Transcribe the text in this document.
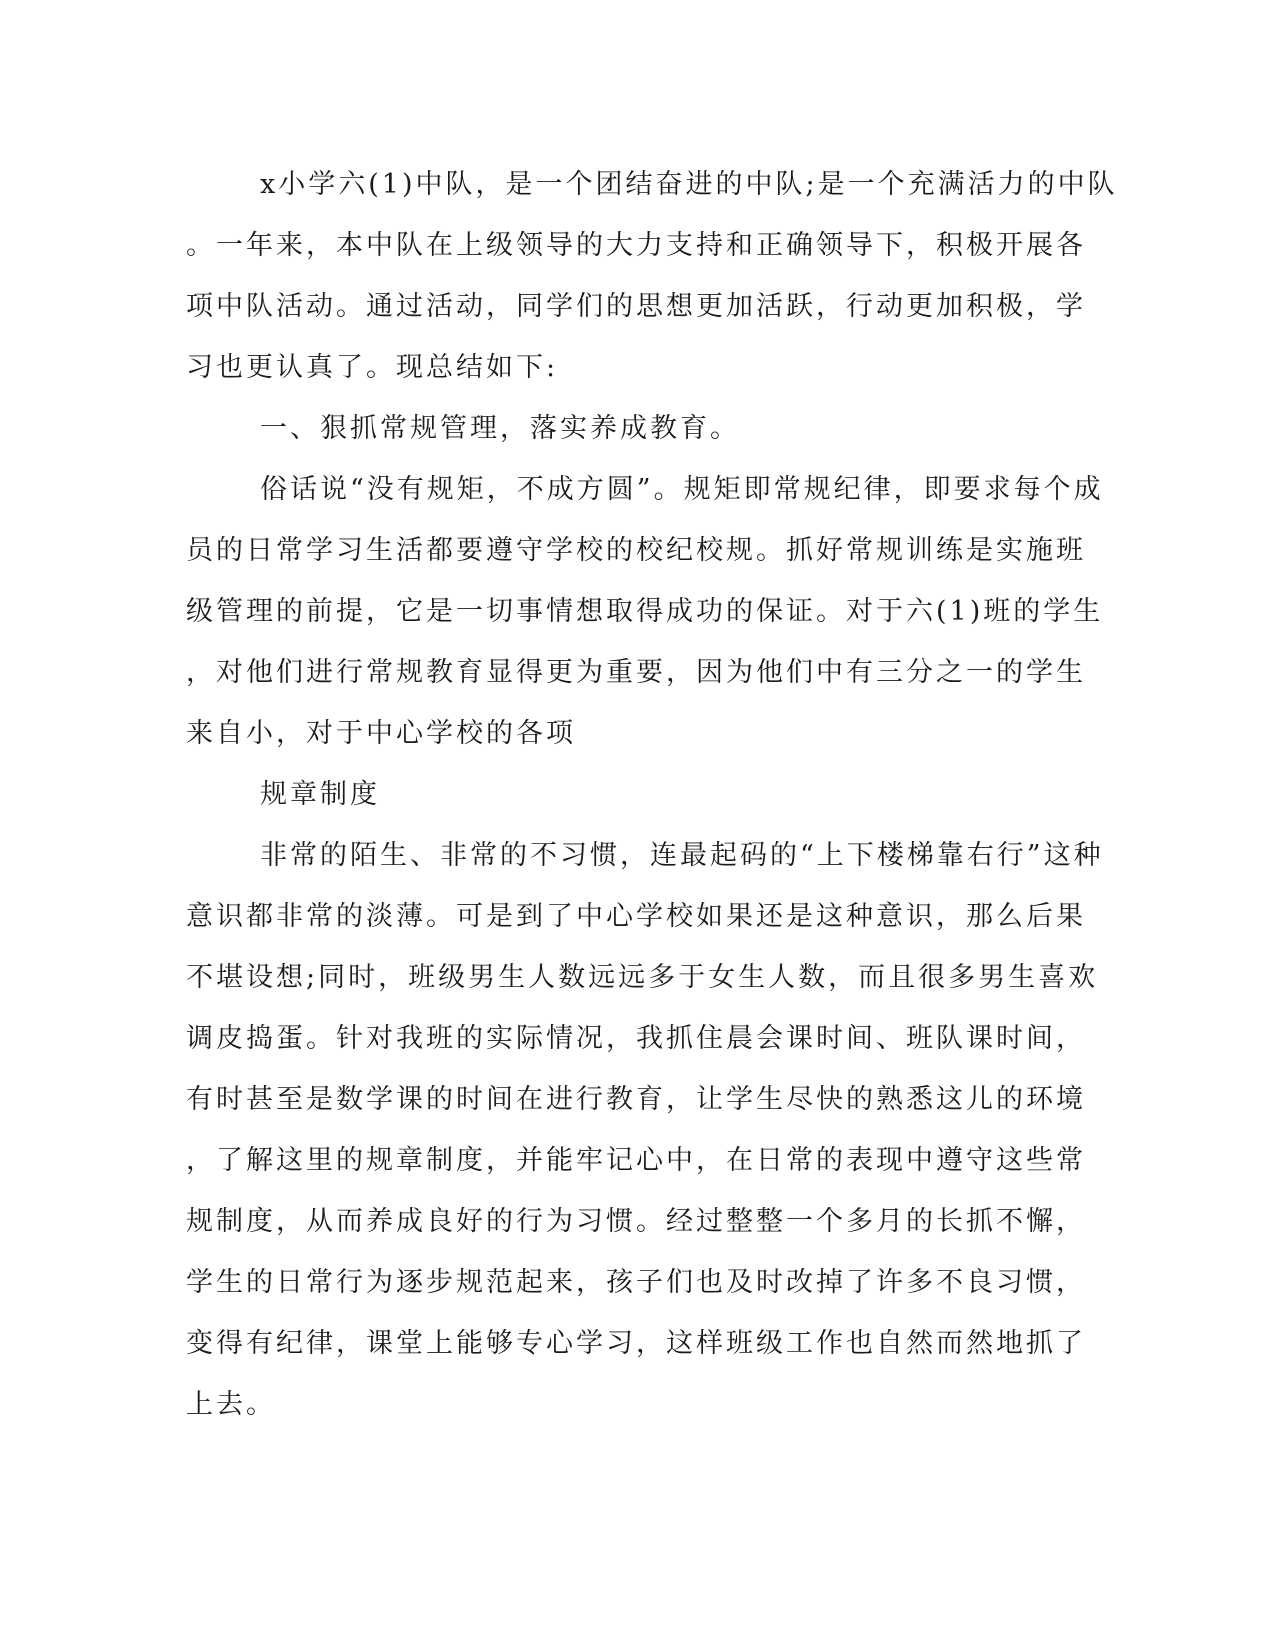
x小学六(1)中队，是一个团结奋进的中队;是一个充满活力的中队
。一年来，本中队在上级领导的大力支持和正确领导下，积极开展各
项中队活动。通过活动，同学们的思想更加活跃，行动更加积极，学
习也更认真了。现总结如下:
一、狠抓常规管理，落实养成教育。
俗话说“没有规矩，不成方圆”。规矩即常规纪律，即要求每个成
员的日常学习生活都要遵守学校的校纪校规。抓好常规训练是实施班
级管理的前提，它是一切事情想取得成功的保证。对于六(1)班的学生
，对他们进行常规教育显得更为重要，因为他们中有三分之一的学生
来自小，对于中心学校的各项
规章制度
非常的陌生、非常的不习惯，连最起码的“上下楼梯靠右行”这种
意识都非常的淡薄。可是到了中心学校如果还是这种意识，那么后果
不堪设想;同时，班级男生人数远远多于女生人数，而且很多男生喜欢
调皮捣蛋。针对我班的实际情况，我抓住晨会课时间、班队课时间，
有时甚至是数学课的时间在进行教育，让学生尽快的熟悉这儿的环境
，了解这里的规章制度，并能牢记心中，在日常的表现中遵守这些常
规制度，从而养成良好的行为习惯。经过整整一个多月的长抓不懈，
学生的日常行为逐步规范起来，孩子们也及时改掉了许多不良习惯，
变得有纪律，课堂上能够专心学习，这样班级工作也自然而然地抓了
上去。
